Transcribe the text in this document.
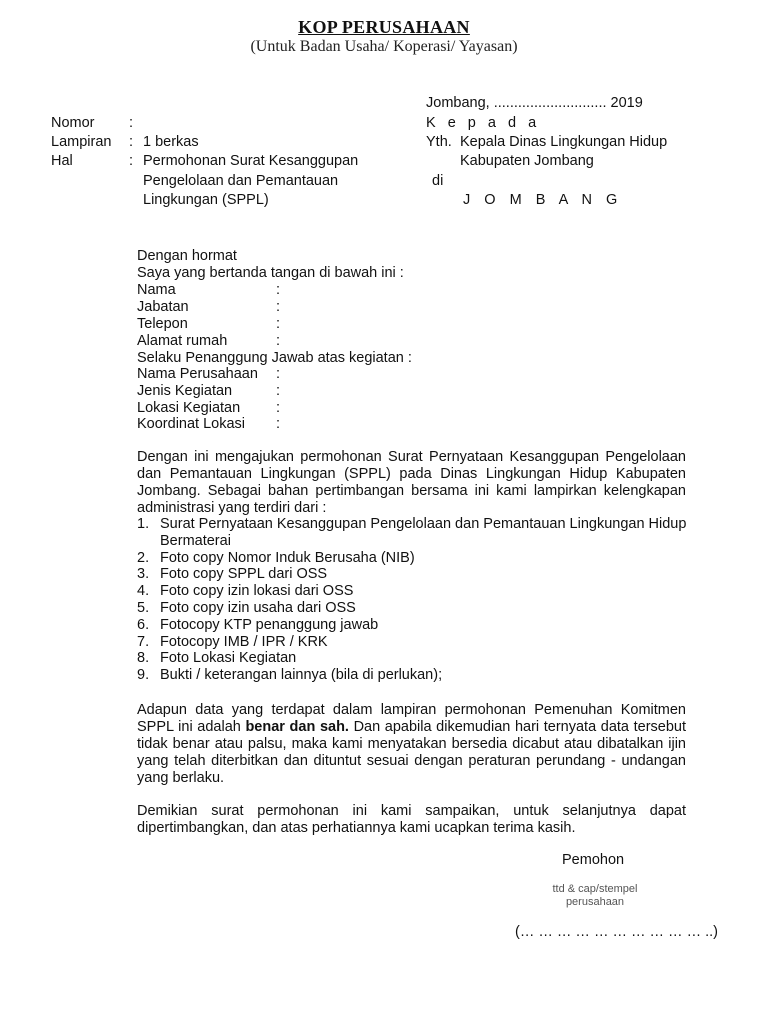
KOP PERUSAHAAN
(Untuk Badan Usaha/ Koperasi/ Yayasan)
Jombang, ............................ 2019
Nomor :
Lampiran : 1 berkas
Hal	: Permohonan Surat Kesanggupan
Pengelolaan dan Pemantauan
Lingkungan (SPPL)
K e p a d a
Yth. Kepala Dinas Lingkungan Hidup
Kabupaten Jombang
di
J O M B A N G
Dengan hormat
Saya yang bertanda tangan di bawah ini :
Nama	:
Jabatan	:
Telepon	:
Alamat rumah	:
Selaku Penanggung Jawab atas kegiatan :
Nama Perusahaan :
Jenis Kegiatan	:
Lokasi Kegiatan :
Koordinat Lokasi :
Dengan ini mengajukan permohonan Surat Pernyataan Kesanggupan Pengelolaan dan Pemantauan Lingkungan (SPPL) pada Dinas Lingkungan Hidup Kabupaten Jombang. Sebagai bahan pertimbangan bersama ini kami lampirkan kelengkapan administrasi yang terdiri dari :
1. Surat Pernyataan Kesanggupan Pengelolaan dan Pemantauan Lingkungan Hidup Bermaterai
2. Foto copy Nomor Induk Berusaha (NIB)
3. Foto copy SPPL dari OSS
4. Foto copy izin lokasi dari OSS
5. Foto copy izin usaha dari OSS
6. Fotocopy KTP penanggung jawab
7. Fotocopy IMB / IPR / KRK
8. Foto Lokasi Kegiatan
9. Bukti / keterangan lainnya (bila di perlukan);
Adapun data yang terdapat dalam lampiran permohonan Pemenuhan Komitmen SPPL ini adalah benar dan sah. Dan apabila dikemudian hari ternyata data tersebut tidak benar atau palsu, maka kami menyatakan bersedia dicabut atau dibatalkan ijin yang telah diterbitkan dan dituntut sesuai dengan peraturan perundang - undangan yang berlaku.
Demikian surat permohonan ini kami sampaikan, untuk selanjutnya dapat dipertimbangkan, dan atas perhatiannya kami ucapkan terima kasih.
Pemohon
ttd & cap/stempel
perusahaan
(… … … … … … … … … … ..)
